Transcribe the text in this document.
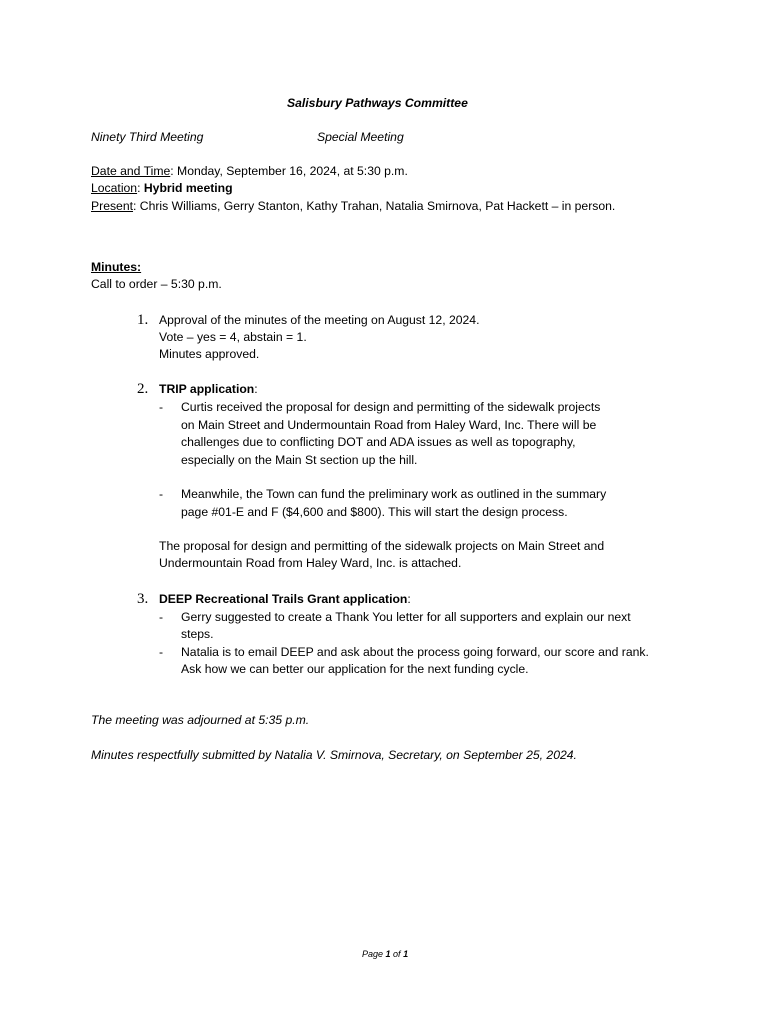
Salisbury Pathways Committee
Ninety Third Meeting	Special Meeting
Date and Time: Monday, September 16, 2024, at 5:30 p.m.
Location: Hybrid meeting
Present: Chris Williams, Gerry Stanton, Kathy Trahan, Natalia Smirnova, Pat Hackett – in person.
Minutes:
Call to order – 5:30 p.m.
1. Approval of the minutes of the meeting on August 12, 2024.
Vote – yes = 4, abstain = 1.
Minutes approved.
2. TRIP application:
- Curtis received the proposal for design and permitting of the sidewalk projects
on Main Street and Undermountain Road from Haley Ward, Inc. There will be
challenges due to conflicting DOT and ADA issues as well as topography,
especially on the Main St section up the hill.
- Meanwhile, the Town can fund the preliminary work as outlined in the summary
page #01-E and F ($4,600 and $800). This will start the design process.
The proposal for design and permitting of the sidewalk projects on Main Street and
Undermountain Road from Haley Ward, Inc. is attached.
3. DEEP Recreational Trails Grant application:
- Gerry suggested to create a Thank You letter for all supporters and explain our next
steps.
- Natalia is to email DEEP and ask about the process going forward, our score and rank.
Ask how we can better our application for the next funding cycle.
The meeting was adjourned at 5:35 p.m.
Minutes respectfully submitted by Natalia V. Smirnova, Secretary, on September 25, 2024.
Page 1 of 1
